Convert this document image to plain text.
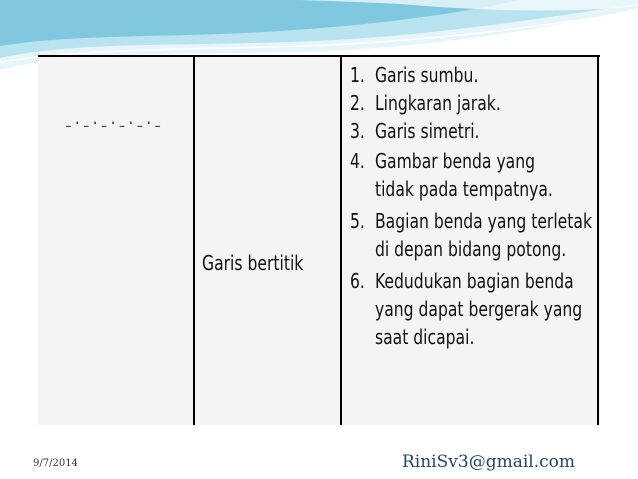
_ . _ . _ . _ . _ . _
Garis bertitik
1. Garis sumbu.
2. Lingkaran jarak.
3. Garis simetri.
4. Gambar benda yang tidak pada tempatnya.
5. Bagian benda yang terletak di depan bidang potong.
6. Kedudukan bagian benda yang dapat bergerak yang saat dicapai.
9/7/2014	RiniSv3@gmail.com
